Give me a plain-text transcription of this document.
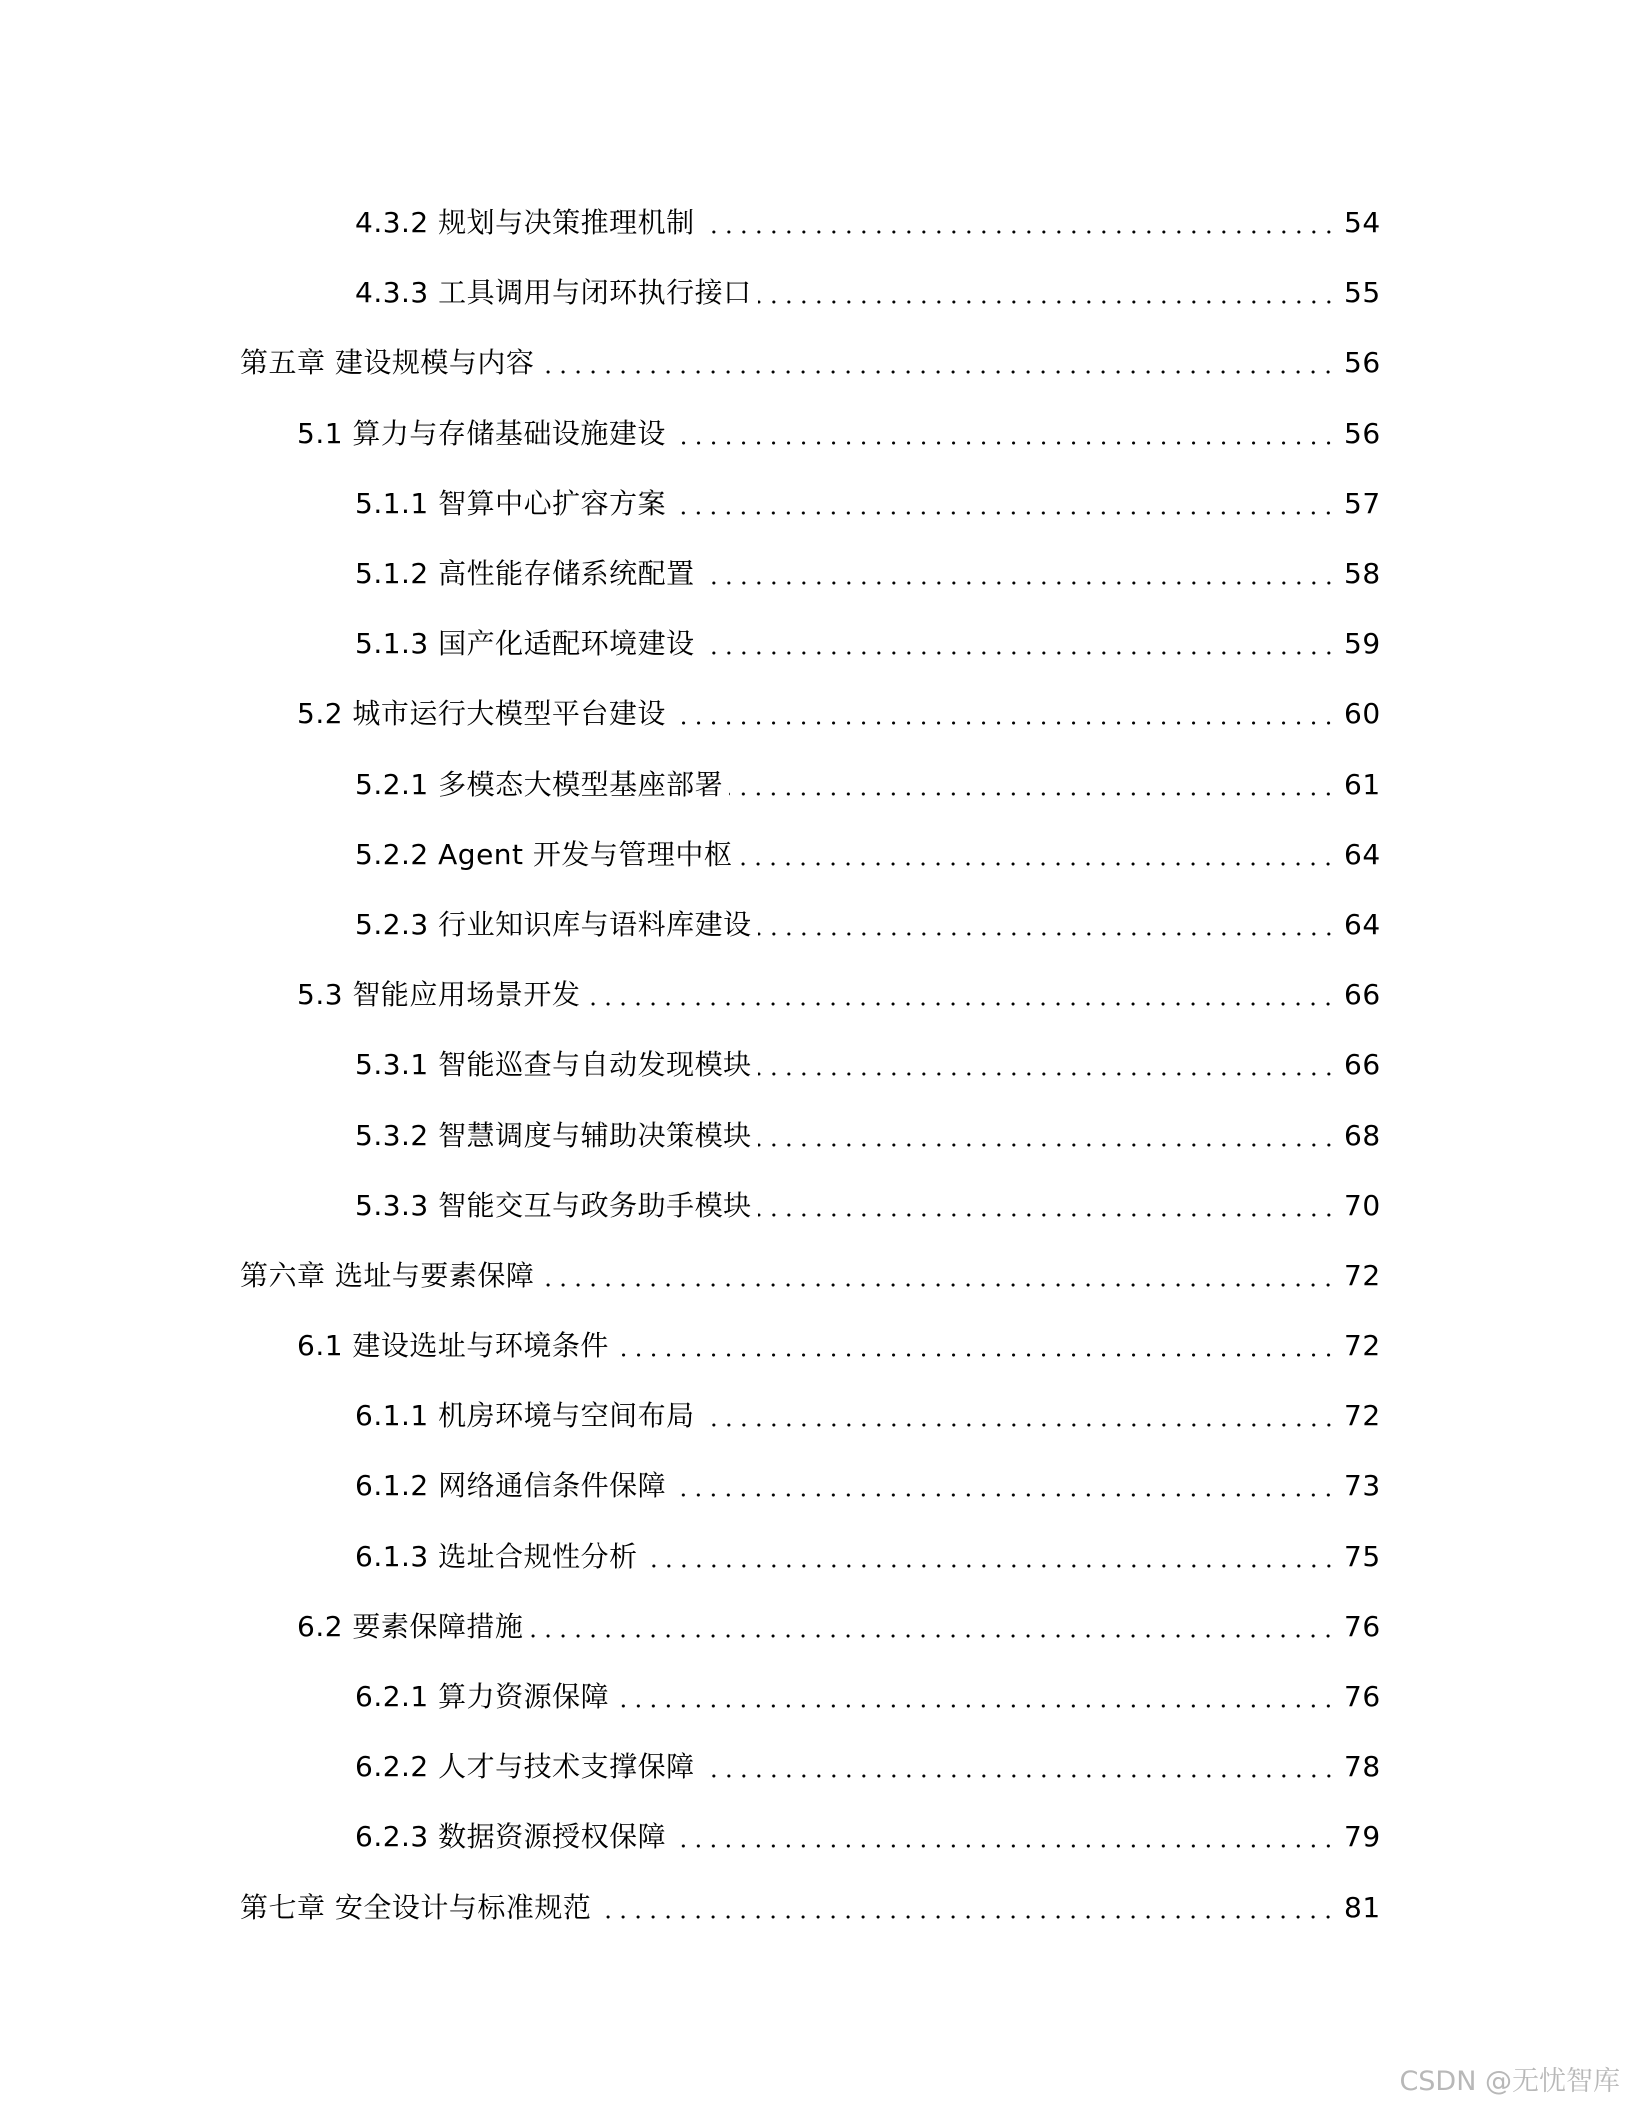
4.3.2 规划与决策推理机制	54
4.3.3 工具调用与闭环执行接口	55
第五章 建设规模与内容	56
5.1 算力与存储基础设施建设	56
5.1.1 智算中心扩容方案	57
5.1.2 高性能存储系统配置	58
5.1.3 国产化适配环境建设	59
5.2 城市运行大模型平台建设	60
5.2.1 多模态大模型基座部署	61
5.2.2 Agent 开发与管理中枢	64
5.2.3 行业知识库与语料库建设	64
5.3 智能应用场景开发	66
5.3.1 智能巡查与自动发现模块	66
5.3.2 智慧调度与辅助决策模块	68
5.3.3 智能交互与政务助手模块	70
第六章 选址与要素保障	72
6.1 建设选址与环境条件	72
6.1.1 机房环境与空间布局	72
6.1.2 网络通信条件保障	73
6.1.3 选址合规性分析	75
6.2 要素保障措施	76
6.2.1 算力资源保障	76
6.2.2 人才与技术支撑保障	78
6.2.3 数据资源授权保障	79
第七章 安全设计与标准规范	81
CSDN @无忧智库
